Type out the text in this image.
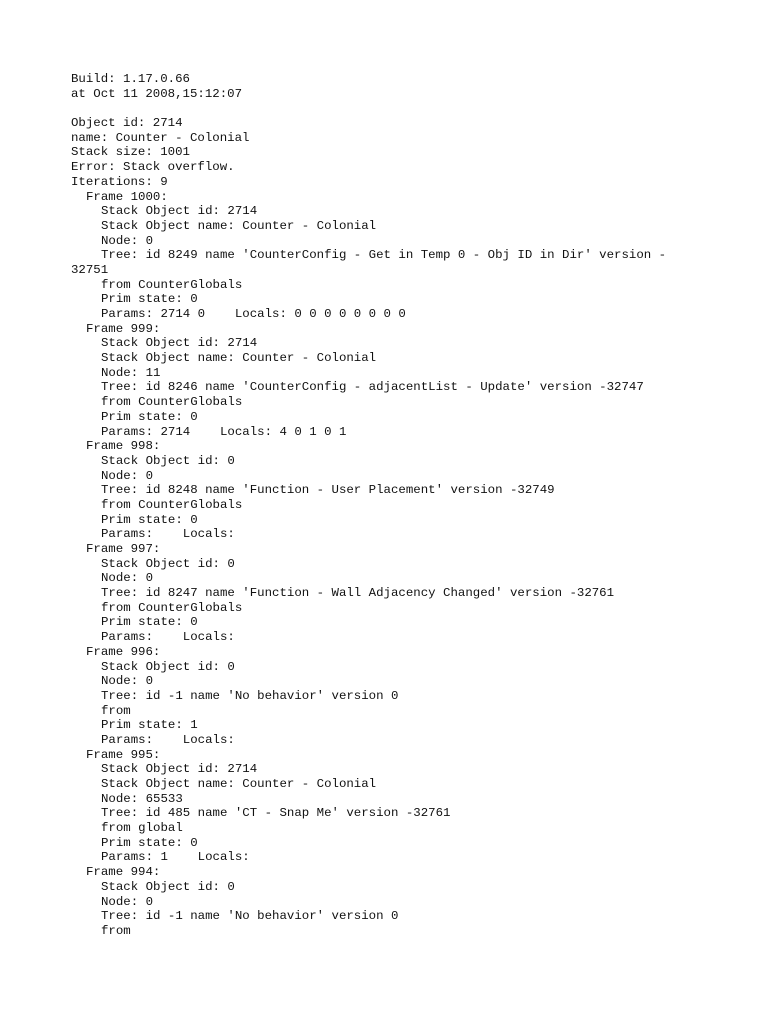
Build: 1.17.0.66
at Oct 11 2008,15:12:07
Object id: 2714
name: Counter - Colonial
Stack size: 1001
Error: Stack overflow.
Iterations: 9
Frame 1000:
Stack Object id: 2714
Stack Object name: Counter - Colonial
Node: 0
Tree: id 8249 name 'CounterConfig - Get in Temp 0 - Obj ID in Dir' version -
32751
from CounterGlobals
Prim state: 0
Params: 2714 0    Locals: 0 0 0 0 0 0 0 0
Frame 999:
Stack Object id: 2714
Stack Object name: Counter - Colonial
Node: 11
Tree: id 8246 name 'CounterConfig - adjacentList - Update' version -32747
from CounterGlobals
Prim state: 0
Params: 2714    Locals: 4 0 1 0 1
Frame 998:
Stack Object id: 0
Node: 0
Tree: id 8248 name 'Function - User Placement' version -32749
from CounterGlobals
Prim state: 0
Params:    Locals:
Frame 997:
Stack Object id: 0
Node: 0
Tree: id 8247 name 'Function - Wall Adjacency Changed' version -32761
from CounterGlobals
Prim state: 0
Params:    Locals:
Frame 996:
Stack Object id: 0
Node: 0
Tree: id -1 name 'No behavior' version 0
from
Prim state: 1
Params:    Locals:
Frame 995:
Stack Object id: 2714
Stack Object name: Counter - Colonial
Node: 65533
Tree: id 485 name 'CT - Snap Me' version -32761
from global
Prim state: 0
Params: 1    Locals:
Frame 994:
Stack Object id: 0
Node: 0
Tree: id -1 name 'No behavior' version 0
from
